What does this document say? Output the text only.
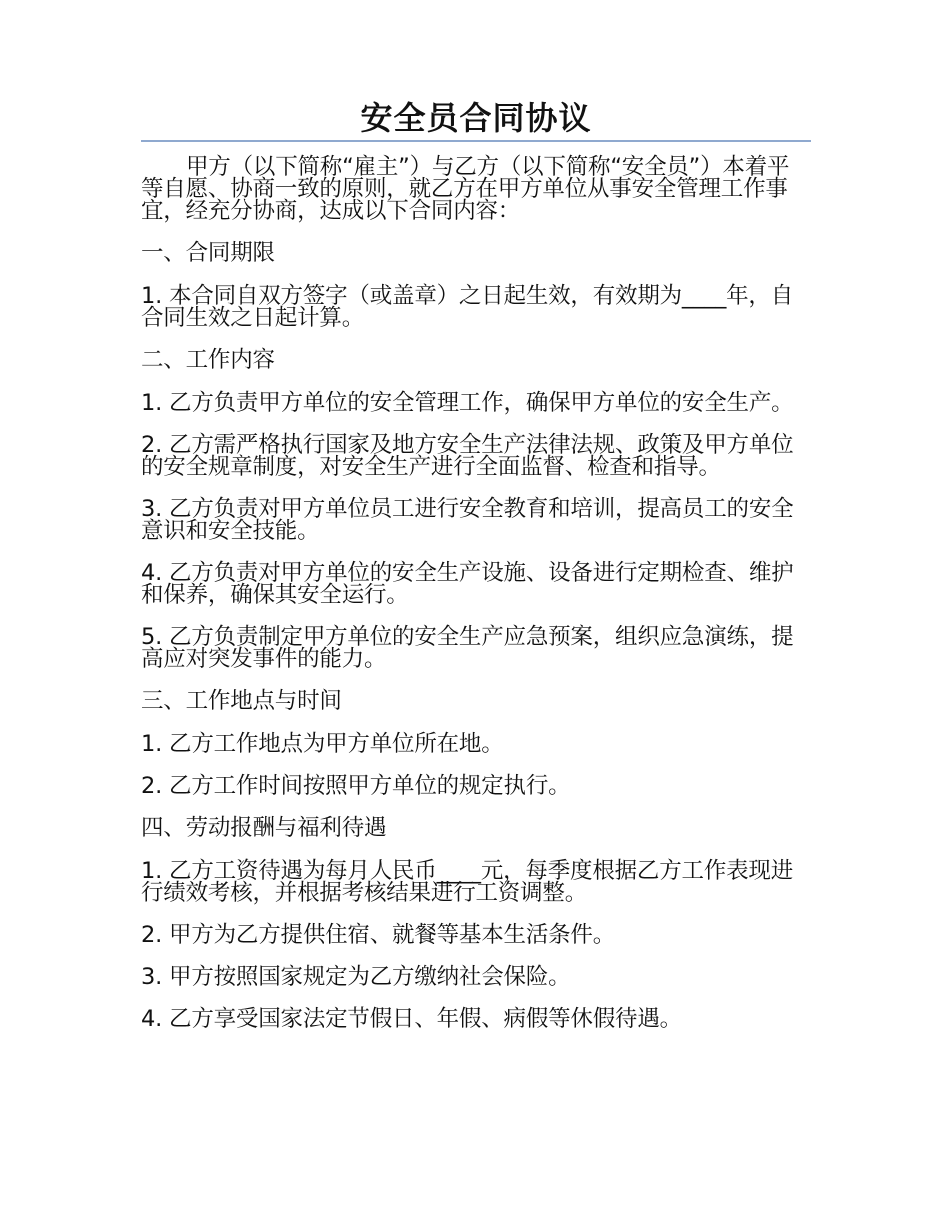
安全员合同协议

甲方（以下简称“雇主”）与乙方（以下简称“安全员”）本着平等自愿、协商一致的原则，就乙方在甲方单位从事安全管理工作事宜，经充分协商，达成以下合同内容：

一、合同期限

1. 本合同自双方签字（或盖章）之日起生效，有效期为____年，自合同生效之日起计算。

二、工作内容

1. 乙方负责甲方单位的安全管理工作，确保甲方单位的安全生产。

2. 乙方需严格执行国家及地方安全生产法律法规、政策及甲方单位的安全规章制度，对安全生产进行全面监督、检查和指导。

3. 乙方负责对甲方单位员工进行安全教育和培训，提高员工的安全意识和安全技能。

4. 乙方负责对甲方单位的安全生产设施、设备进行定期检查、维护和保养，确保其安全运行。

5. 乙方负责制定甲方单位的安全生产应急预案，组织应急演练，提高应对突发事件的能力。

三、工作地点与时间

1. 乙方工作地点为甲方单位所在地。

2. 乙方工作时间按照甲方单位的规定执行。

四、劳动报酬与福利待遇

1. 乙方工资待遇为每月人民币____元，每季度根据乙方工作表现进行绩效考核，并根据考核结果进行工资调整。

2. 甲方为乙方提供住宿、就餐等基本生活条件。

3. 甲方按照国家规定为乙方缴纳社会保险。

4. 乙方享受国家法定节假日、年假、病假等休假待遇。
